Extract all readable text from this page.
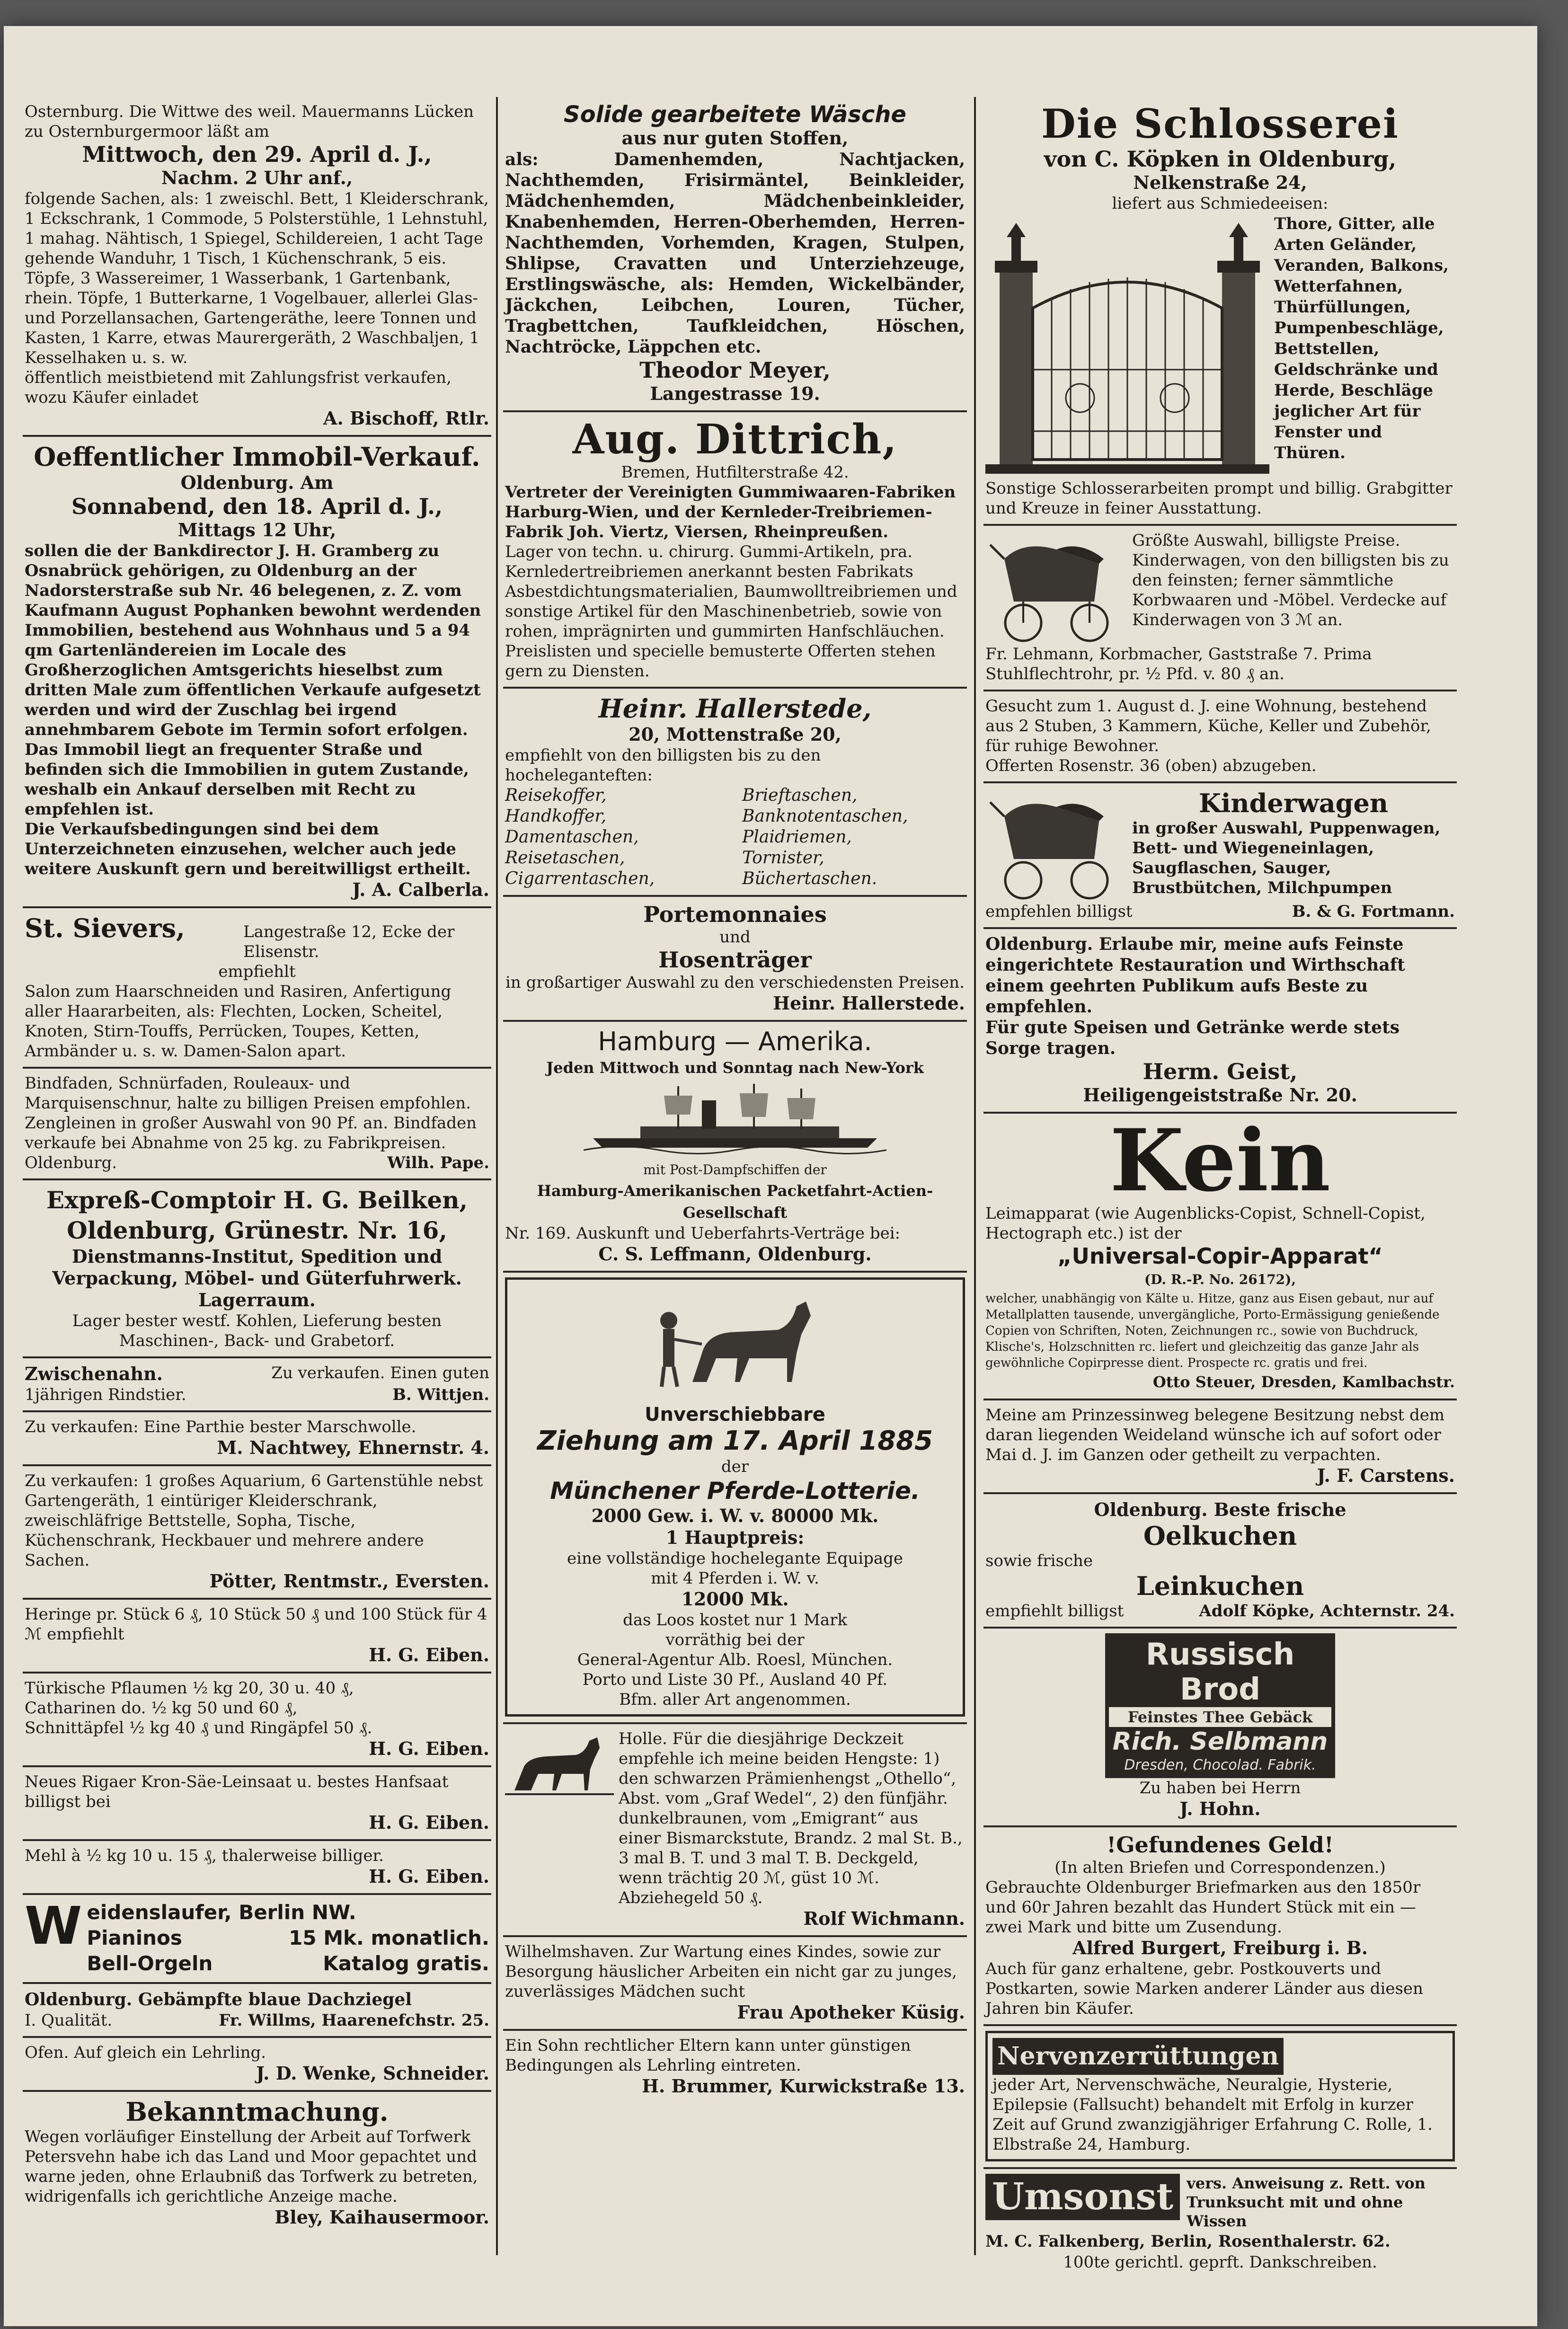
Osternburg. Die Wittwe des weil. Mauermanns Lücken zu Osternburgermoor läßt am
Mittwoch, den 29. April d. J.,
Nachm. 2 Uhr anf.,
folgende Sachen, als: 1 zweischl. Bett, 1 Kleiderschrank, 1 Eckschrank, 1 Commode, 5 Polsterstühle, 1 Lehnstuhl, 1 mahag. Nähtisch, 1 Spiegel, Schildereien, 1 acht Tage gehende Wanduhr, 1 Tisch, 1 Küchenschrank, 5 eis. Töpfe, 3 Wassereimer, 1 Wasserbank, 1 Gartenbank, rhein. Töpfe, 1 Butterkarne, 1 Vogelbauer, allerlei Glas- und Porzellansachen, Gartengeräthe, leere Tonnen und Kasten, 1 Karre, etwas Maurergeräth, 2 Waschbaljen, 1 Kesselhaken u. s. w.
öffentlich meistbietend mit Zahlungsfrist verkaufen, wozu Käufer einladet
A. Bischoff, Rtlr.
Oeffentlicher Immobil-Verkauf.
Oldenburg. Am
Sonnabend, den 18. April d. J.,
Mittags 12 Uhr,
sollen die der Bankdirector J. H. Gramberg zu Osnabrück gehörigen, zu Oldenburg an der Nadorsterstraße sub Nr. 46 belegenen, z. Z. vom Kaufmann August Pophanken bewohnt werdenden Immobilien, bestehend aus Wohnhaus und 5 a 94 qm Gartenländereien im Locale des Großherzoglichen Amtsgerichts hieselbst zum dritten Male zum öffentlichen Verkaufe aufgesetzt werden und wird der Zuschlag bei irgend annehmbarem Gebote im Termin sofort erfolgen. Das Immobil liegt an frequenter Straße und befinden sich die Immobilien in gutem Zustande, weshalb ein Ankauf derselben mit Recht zu empfehlen ist.
Die Verkaufsbedingungen sind bei dem Unterzeichneten einzusehen, welcher auch jede weitere Auskunft gern und bereitwilligst ertheilt.
J. A. Calberla.
St. Sievers,	Langestraße 12, Ecke der Elisenstr.
empfiehlt
Salon zum Haarschneiden und Rasiren, Anfertigung aller Haararbeiten, als: Flechten, Locken, Scheitel, Knoten, Stirn-Touffs, Perrücken, Toupes, Ketten, Armbänder u. s. w. Damen-Salon apart.
Bindfaden, Schnürfaden, Rouleaux- und Marquisenschnur, halte zu billigen Preisen empfohlen.
Zengleinen in großer Auswahl von 90 Pf. an. Bindfaden verkaufe bei Abnahme von 25 kg. zu Fabrikpreisen.
Oldenburg.	Wilh. Pape.
Expreß-Comptoir H. G. Beilken,
Oldenburg, Grünestr. Nr. 16,
Dienstmanns-Institut, Spedition und Verpackung, Möbel- und Güterfuhrwerk. Lagerraum.
Lager bester westf. Kohlen, Lieferung besten Maschinen-, Back- und Grabetorf.
Zwischenahn.	Zu verkaufen. Einen guten
1jährigen Rindstier.	B. Wittjen.
Zu verkaufen: Eine Parthie bester Marschwolle.
M. Nachtwey, Ehnernstr. 4.
Zu verkaufen: 1 großes Aquarium, 6 Gartenstühle nebst Gartengeräth, 1 eintüriger Kleiderschrank, zweischläfrige Bettstelle, Sopha, Tische, Küchenschrank, Heckbauer und mehrere andere Sachen.
Pötter, Rentmstr., Eversten.
Heringe pr. Stück 6 ₰, 10 Stück 50 ₰ und 100 Stück für 4 ℳ empfiehlt
H. G. Eiben.
Türkische Pflaumen ½ kg 20, 30 u. 40 ₰,
Catharinen do. ½ kg 50 und 60 ₰,
Schnittäpfel ½ kg 40 ₰ und Ringäpfel 50 ₰.
H. G. Eiben.
Neues Rigaer Kron-Säe-Leinsaat u. bestes Hanfsaat billigst bei
H. G. Eiben.
Mehl à ½ kg 10 u. 15 ₰, thalerweise billiger.
H. G. Eiben.
W eidenslaufer, Berlin NW.
Pianinos	15 Mk. monatlich.
Bell-Orgeln	Katalog gratis.
Oldenburg. Gebämpfte blaue Dachziegel
I. Qualität.	Fr. Willms, Haarenefchstr. 25.
Ofen. Auf gleich ein Lehrling.
J. D. Wenke, Schneider.
Bekanntmachung.
Wegen vorläufiger Einstellung der Arbeit auf Torfwerk Petersvehn habe ich das Land und Moor gepachtet und warne jeden, ohne Erlaubniß das Torfwerk zu betreten, widrigenfalls ich gerichtliche Anzeige mache.
Bley, Kaihausermoor.
Solide gearbeitete Wäsche
aus nur guten Stoffen,
als: Damenhemden, Nachtjacken, Nachthemden, Frisirmäntel, Beinkleider, Mädchenhemden, Mädchenbeinkleider, Knabenhemden, Herren-Oberhemden, Herren-Nachthemden, Vorhemden, Kragen, Stulpen, Shlipse, Cravatten und Unterziehzeuge, Erstlingswäsche, als: Hemden, Wickelbänder, Jäckchen, Leibchen, Louren, Tücher, Tragbettchen, Taufkleidchen, Höschen, Nachtröcke, Läppchen etc.
Theodor Meyer,
Langestrasse 19.
Aug. Dittrich,
Bremen, Hutfilterstraße 42.
Vertreter der Vereinigten Gummiwaaren-Fabriken Harburg-Wien, und der Kernleder-Treibriemen-Fabrik Joh. Viertz, Viersen, Rheinpreußen.
Lager von techn. u. chirurg. Gummi-Artikeln, pra. Kernledertreibriemen anerkannt besten Fabrikats Asbestdichtungsmaterialien, Baumwolltreibriemen und sonstige Artikel für den Maschinenbetrieb, sowie von rohen, imprägnirten und gummirten Hanfschläuchen.
Preislisten und specielle bemusterte Offerten stehen gern zu Diensten.
Heinr. Hallerstede,
20, Mottenstraße 20,
empfiehlt von den billigsten bis zu den hocheleganteften:
Reisekoffer,	Brieftaschen,
Handkoffer,	Banknotentaschen,
Damentaschen,	Plaidriemen,
Reisetaschen,	Tornister,
Cigarrentaschen,	Büchertaschen.
Portemonnaies
und
Hosenträger
in großartiger Auswahl zu den verschiedensten Preisen.
Heinr. Hallerstede.
Hamburg — Amerika.
Jeden Mittwoch und Sonntag nach New-York
mit Post-Dampfschiffen der
Hamburg-Amerikanischen Packetfahrt-Actien-Gesellschaft
Nr. 169. Auskunft und Ueberfahrts-Verträge bei:
C. S. Leffmann, Oldenburg.
Unverschiebbare
Ziehung am 17. April 1885
der
Münchener Pferde-Lotterie.
2000 Gew. i. W. v. 80000 Mk.
1 Hauptpreis:
eine vollständige hochelegante Equipage
mit 4 Pferden i. W. v.
12000 Mk.
das Loos kostet nur 1 Mark
vorräthig bei der
General-Agentur Alb. Roesl, München.
Porto und Liste 30 Pf., Ausland 40 Pf.
Bfm. aller Art angenommen.
Holle. Für die diesjährige Deckzeit empfehle ich meine beiden Hengste: 1) den schwarzen Prämienhengst „Othello“, Abst. vom „Graf Wedel“, 2) den fünfjähr. dunkelbraunen, vom „Emigrant“ aus einer Bismarckstute, Brandz. 2 mal St. B., 3 mal B. T. und 3 mal T. B. Deckgeld, wenn trächtig 20 ℳ, güst 10 ℳ. Abziehegeld 50 ₰.
Rolf Wichmann.
Wilhelmshaven. Zur Wartung eines Kindes, sowie zur Besorgung häuslicher Arbeiten ein nicht gar zu junges, zuverlässiges Mädchen sucht
Frau Apotheker Küsig.
Ein Sohn rechtlicher Eltern kann unter günstigen Bedingungen als Lehrling eintreten.
H. Brummer, Kurwickstraße 13.
Die Schlosserei
von C. Köpken in Oldenburg,
Nelkenstraße 24,
liefert aus Schmiedeeisen:
Thore, Gitter, alle Arten Geländer, Veranden, Balkons, Wetterfahnen, Thürfüllungen, Pumpenbeschläge, Bettstellen, Geldschränke und Herde, Beschläge jeglicher Art für Fenster und Thüren.
Sonstige Schlosserarbeiten prompt und billig. Grabgitter und Kreuze in feiner Ausstattung.
Größte Auswahl, billigste Preise. Kinderwagen, von den billigsten bis zu den feinsten; ferner sämmtliche Korbwaaren und -Möbel. Verdecke auf Kinderwagen von 3 ℳ an.
Fr. Lehmann, Korbmacher, Gaststraße 7. Prima Stuhlflechtrohr, pr. ½ Pfd. v. 80 ₰ an.
Gesucht zum 1. August d. J. eine Wohnung, bestehend aus 2 Stuben, 3 Kammern, Küche, Keller und Zubehör, für ruhige Bewohner.
Offerten Rosenstr. 36 (oben) abzugeben.
Kinderwagen
in großer Auswahl, Puppenwagen, Bett- und Wiegeneinlagen, Saugflaschen, Sauger, Brustbütchen, Milchpumpen
empfehlen billigst	B. & G. Fortmann.
Oldenburg. Erlaube mir, meine aufs Feinste eingerichtete Restauration und Wirthschaft einem geehrten Publikum aufs Beste zu empfehlen.
Für gute Speisen und Getränke werde stets Sorge tragen.
Herm. Geist,
Heiligengeiststraße Nr. 20.
Kein
Leimapparat (wie Augenblicks-Copist, Schnell-Copist, Hectograph etc.) ist der
„Universal-Copir-Apparat“
(D. R.-P. No. 26172),
welcher, unabhängig von Kälte u. Hitze, ganz aus Eisen gebaut, nur auf Metallplatten tausende, unvergängliche, Porto-Ermässigung genießende Copien von Schriften, Noten, Zeichnungen rc., sowie von Buchdruck, Klische's, Holzschnitten rc. liefert und gleichzeitig das ganze Jahr als gewöhnliche Copirpresse dient. Prospecte rc. gratis und frei.
Otto Steuer, Dresden, Kamlbachstr.
Meine am Prinzessinweg belegene Besitzung nebst dem daran liegenden Weideland wünsche ich auf sofort oder Mai d. J. im Ganzen oder getheilt zu verpachten.
J. F. Carstens.
Oldenburg. Beste frische
Oelkuchen
sowie frische
Leinkuchen
empfiehlt billigst	Adolf Köpke, Achternstr. 24.
Russisch Brod
Feinstes Thee Gebäck
Rich. Selbmann
Dresden, Chocolad. Fabrik.
Zu haben bei Herrn
J. Hohn.
!Gefundenes Geld!
(In alten Briefen und Correspondenzen.)
Gebrauchte Oldenburger Briefmarken aus den 1850r und 60r Jahren bezahlt das Hundert Stück mit ein — zwei Mark und bitte um Zusendung.
Alfred Burgert, Freiburg i. B.
Auch für ganz erhaltene, gebr. Postkouverts und Postkarten, sowie Marken anderer Länder aus diesen Jahren bin Käufer.
Nervenzerrüttungen
jeder Art, Nervenschwäche, Neuralgie, Hysterie, Epilepsie (Fallsucht) behandelt mit Erfolg in kurzer Zeit auf Grund zwanzigjähriger Erfahrung C. Rolle, 1. Elbstraße 24, Hamburg.
Umsonst vers. Anweisung z. Rett. von Trunksucht mit und ohne Wissen
M. C. Falkenberg, Berlin, Rosenthalerstr. 62.
100te gerichtl. geprft. Dankschreiben.
